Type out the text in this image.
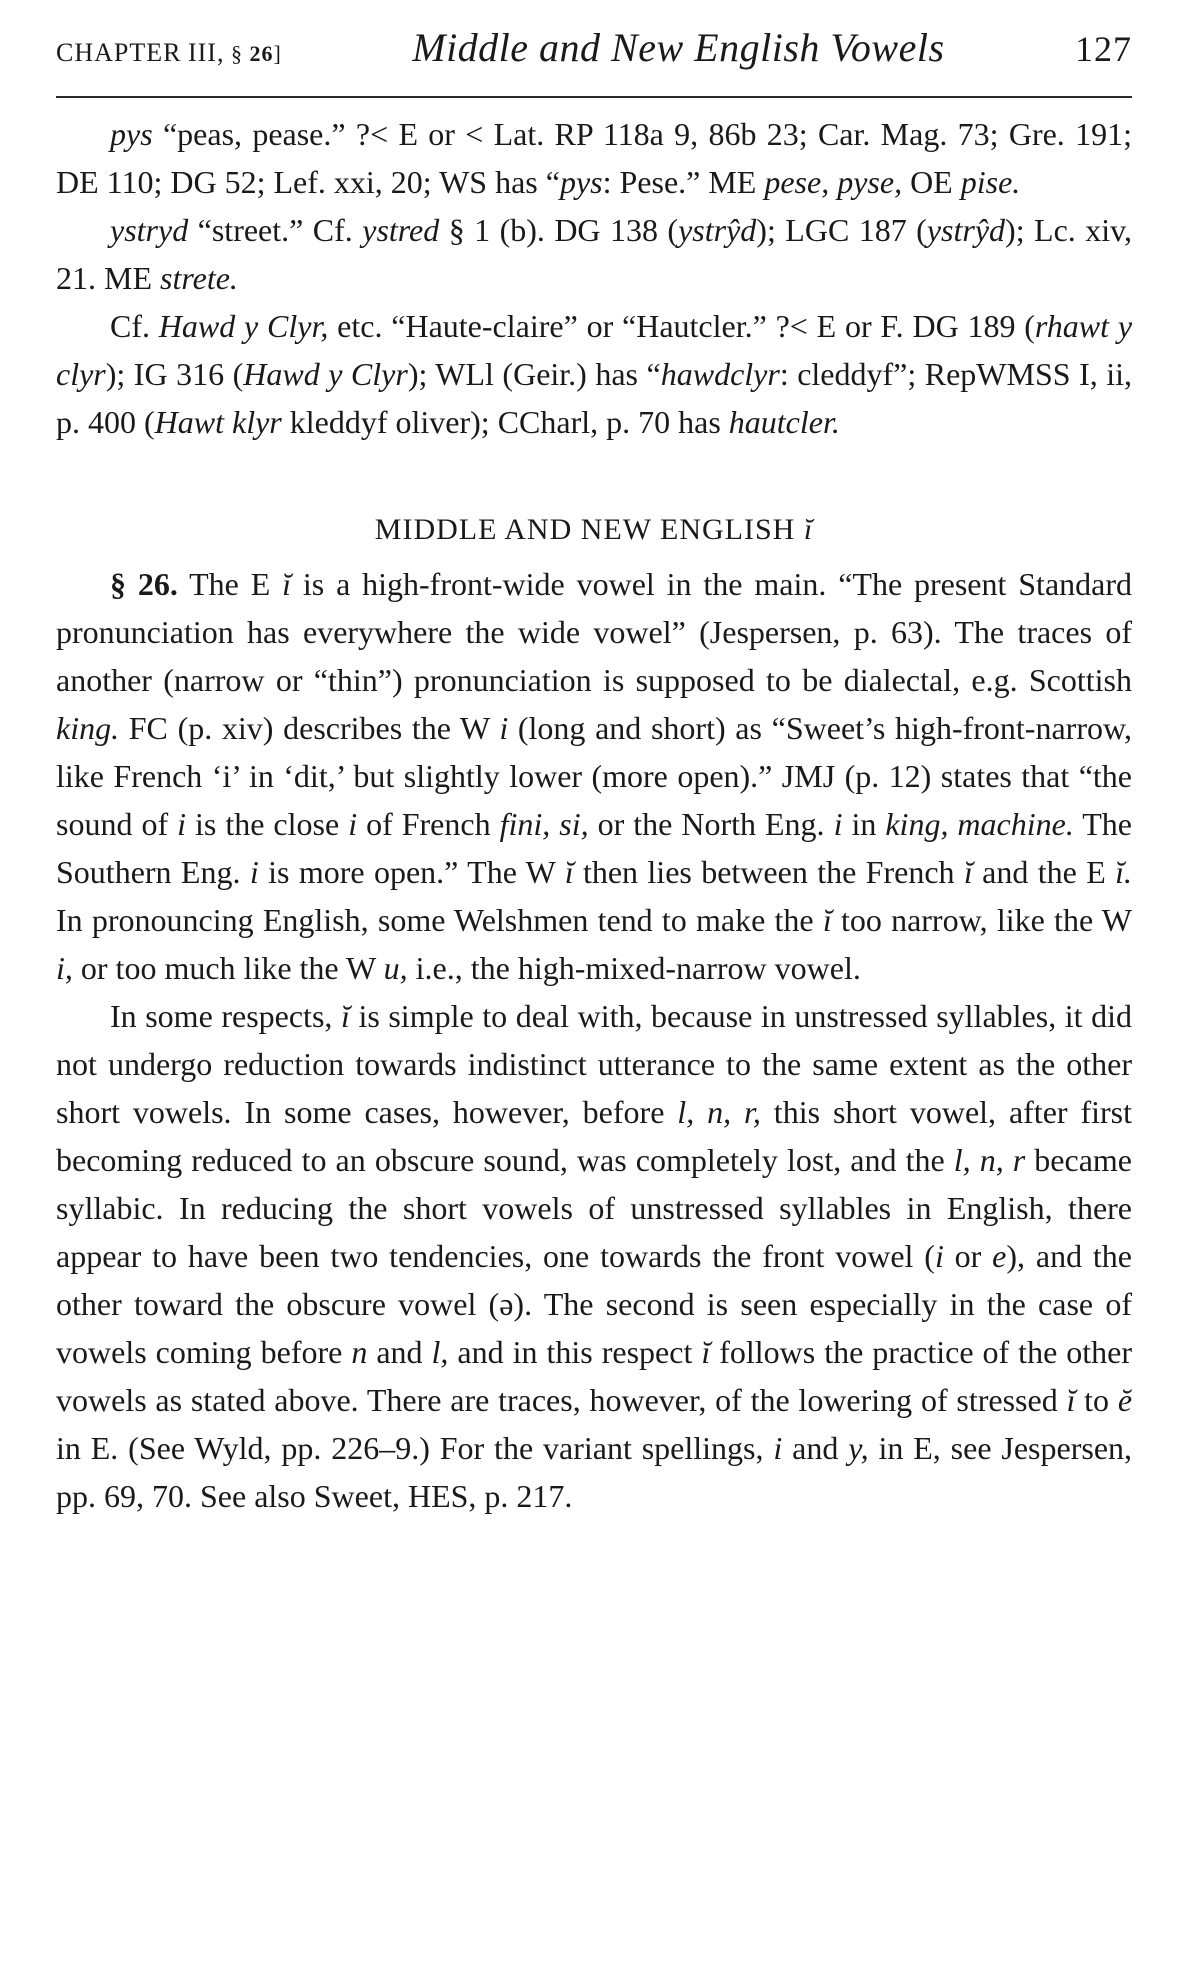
CHAPTER III, § 26]	Middle and New English Vowels	127

pys “peas, pease.” ?< E or < Lat. RP 118a 9, 86b 23; Car. Mag. 73; Gre. 191; DE 110; DG 52; Lef. xxi, 20; WS has “pys: Pese.” ME pese, pyse, OE pise.

ystryd “street.” Cf. ystred § 1 (b). DG 138 (ystrŷd); LGC 187 (ystrŷd); Lc. xiv, 21. ME strete.

Cf. Hawd y Clyr, etc. “Haute-claire” or “Hautcler.” ?< E or F. DG 189 (rhawt y clyr); IG 316 (Hawd y Clyr); WLl (Geir.) has “hawdclyr: cleddyf”; RepWMSS I, ii, p. 400 (Hawt klyr kleddyf oliver); CCharl, p. 70 has hautcler.

MIDDLE AND NEW ENGLISH ĭ

§ 26. The E ĭ is a high-front-wide vowel in the main. “The present Standard pronunciation has everywhere the wide vowel” (Jespersen, p. 63). The traces of another (narrow or “thin”) pronunciation is supposed to be dialectal, e.g. Scottish king. FC (p. xiv) describes the W i (long and short) as “Sweet’s high-front-narrow, like French ‘i’ in ‘dit,’ but slightly lower (more open).” JMJ (p. 12) states that “the sound of i is the close i of French fini, si, or the North Eng. i in king, machine. The Southern Eng. i is more open.” The W ĭ then lies between the French ĭ and the E ĭ. In pronouncing English, some Welshmen tend to make the ĭ too narrow, like the W i, or too much like the W u, i.e., the high-mixed-narrow vowel.

In some respects, ĭ is simple to deal with, because in unstressed syllables, it did not undergo reduction towards indistinct utterance to the same extent as the other short vowels. In some cases, however, before l, n, r, this short vowel, after first becoming reduced to an obscure sound, was completely lost, and the l, n, r became syllabic. In reducing the short vowels of unstressed syllables in English, there appear to have been two tendencies, one towards the front vowel (i or e), and the other toward the obscure vowel (ə). The second is seen especially in the case of vowels coming before n and l, and in this respect ĭ follows the practice of the other vowels as stated above. There are traces, however, of the lowering of stressed ĭ to ĕ in E. (See Wyld, pp. 226–9.) For the variant spellings, i and y, in E, see Jespersen, pp. 69, 70. See also Sweet, HES, p. 217.
